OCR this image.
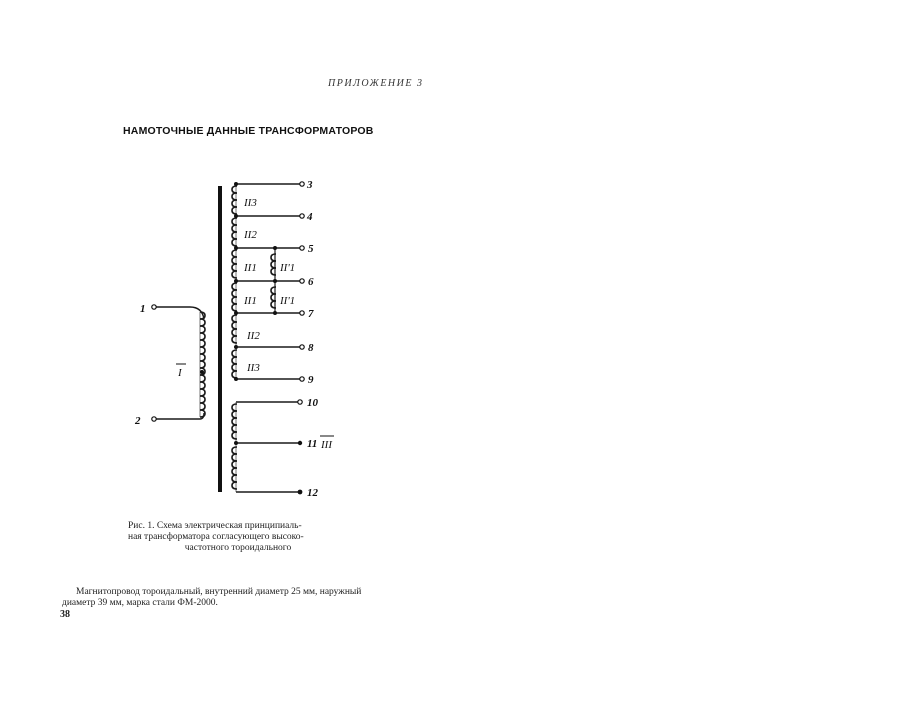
ПРИЛОЖЕНИЕ 3
НАМОТОЧНЫЕ ДАННЫЕ ТРАНСФОРМАТОРОВ
1
2
I
3
4
5
6
7
8
9
II3
II2
II1
II1
II2
II3
II'1
II'1
10
11
12
III
Рис. 1. Схема электрическая принципиаль-
ная трансформатора согласующего высоко-
частотного тороидального
Магнитопровод тороидальный, внутренний диаметр 25 мм, наружный
диаметр 39 мм, марка стали ФМ-2000.
38
